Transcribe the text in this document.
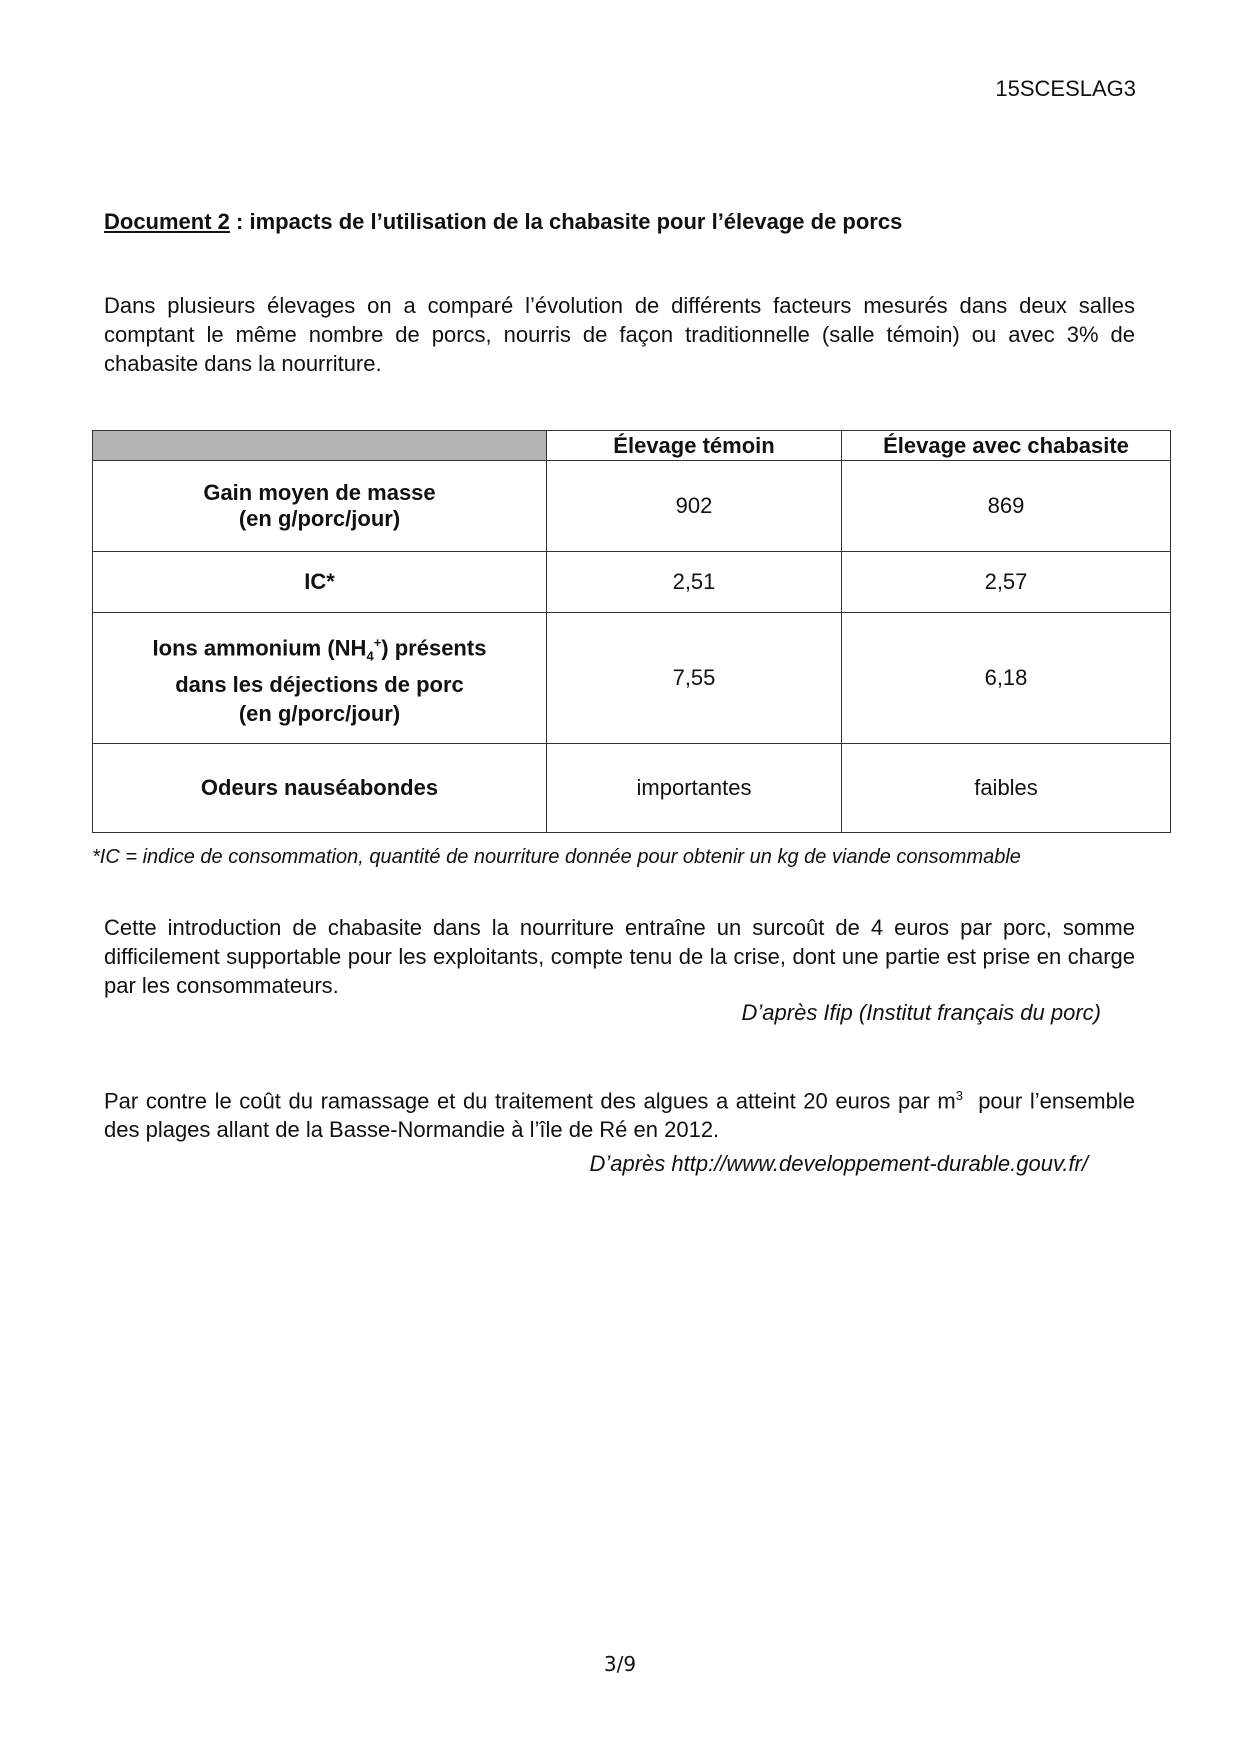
15SCESLAG3
Document 2 : impacts de l’utilisation de la chabasite pour l’élevage de porcs
Dans plusieurs élevages on a comparé l’évolution de différents facteurs mesurés dans deux salles comptant le même nombre de porcs, nourris de façon traditionnelle (salle témoin) ou avec 3% de chabasite dans la nourriture.
	Élevage témoin	Élevage avec chabasite
Gain moyen de masse
(en g/porc/jour)	902	869
IC*	2,51	2,57
Ions ammonium $(NH_4^+)$ présents
dans les déjections de porc
(en g/porc/jour)	7,55	6,18
Odeurs nauséabondes	importantes	faibles
*IC = indice de consommation, quantité de nourriture donnée pour obtenir un kg de viande consommable
Cette introduction de chabasite dans la nourriture entraîne un surcoût de 4 euros par porc, somme difficilement supportable pour les exploitants, compte tenu de la crise, dont une partie est prise en charge par les consommateurs.
D’après Ifip (Institut français du porc)
Par contre le coût du ramassage et du traitement des algues a atteint 20 euros par $m^3$  pour l’ensemble des plages allant de la Basse-Normandie à l’île de Ré en 2012.
D’après http://www.developpement-durable.gouv.fr/
3/9
